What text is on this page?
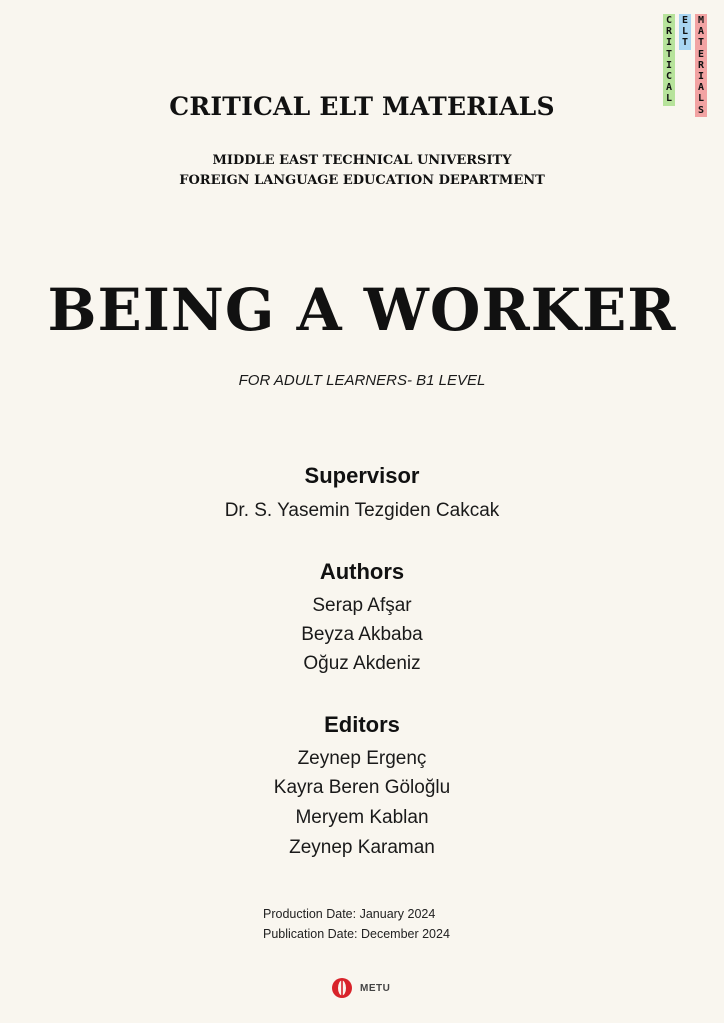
C
R
I
T
I
C
A
L
E
L
T
M
A
T
E
R
I
A
L
S
CRITICAL ELT MATERIALS
MIDDLE EAST TECHNICAL UNIVERSITY
FOREIGN LANGUAGE EDUCATION DEPARTMENT
BEING A WORKER
FOR ADULT LEARNERS- B1 LEVEL
Supervisor
Dr. S. Yasemin Tezgiden Cakcak
Authors
Serap Afşar
Beyza Akbaba
Oğuz Akdeniz
Editors
Zeynep Ergenç
Kayra Beren Göloğlu
Meryem Kablan
Zeynep Karaman
Production Date: January 2024
Publication Date: December 2024
METU
